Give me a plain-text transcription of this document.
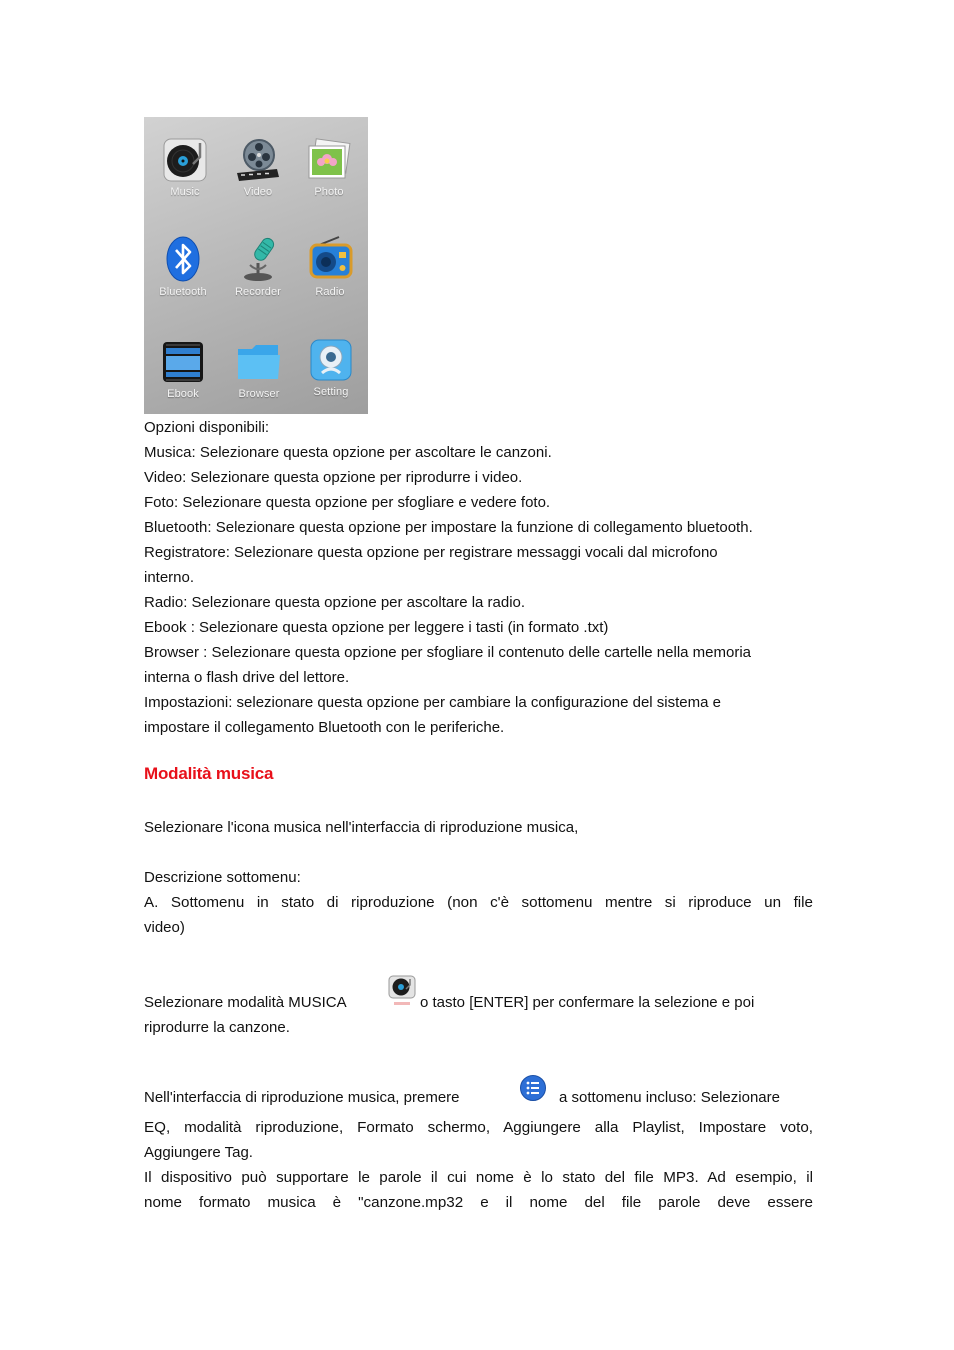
Music	Video	Photo
Bluetooth	Recorder	Radio
Ebook	Browser	Setting
Opzioni disponibili:
Musica: Selezionare questa opzione per ascoltare le canzoni.
Video: Selezionare questa opzione per riprodurre i video.
Foto: Selezionare questa opzione per sfogliare e vedere foto.
Bluetooth: Selezionare questa opzione per impostare la funzione di collegamento bluetooth.
Registratore: Selezionare questa opzione per registrare messaggi vocali dal microfono
interno.
Radio: Selezionare questa opzione per ascoltare la radio.
Ebook : Selezionare questa opzione per leggere i tasti (in formato .txt)
Browser : Selezionare questa opzione per sfogliare il contenuto delle cartelle nella memoria
interna o flash drive del lettore.
Impostazioni: selezionare questa opzione per cambiare la configurazione del sistema e
impostare il collegamento Bluetooth con le periferiche.
Modalità musica
Selezionare l'icona musica nell'interfaccia di riproduzione musica,
Descrizione sottomenu:
A. Sottomenu in stato di riproduzione (non c'è sottomenu mentre si riproduce un file
video)
Selezionare modalità MUSICA	o tasto [ENTER] per confermare la selezione e poi
riprodurre la canzone.
Nell'interfaccia di riproduzione musica, premere	a sottomenu incluso: Selezionare
EQ, modalità riproduzione, Formato schermo, Aggiungere alla Playlist, Impostare voto,
Aggiungere Tag.
Il dispositivo può supportare le parole il cui nome è lo stato del file MP3. Ad esempio, il
nome formato musica è "canzone.mp32 e il nome del file parole deve essere
